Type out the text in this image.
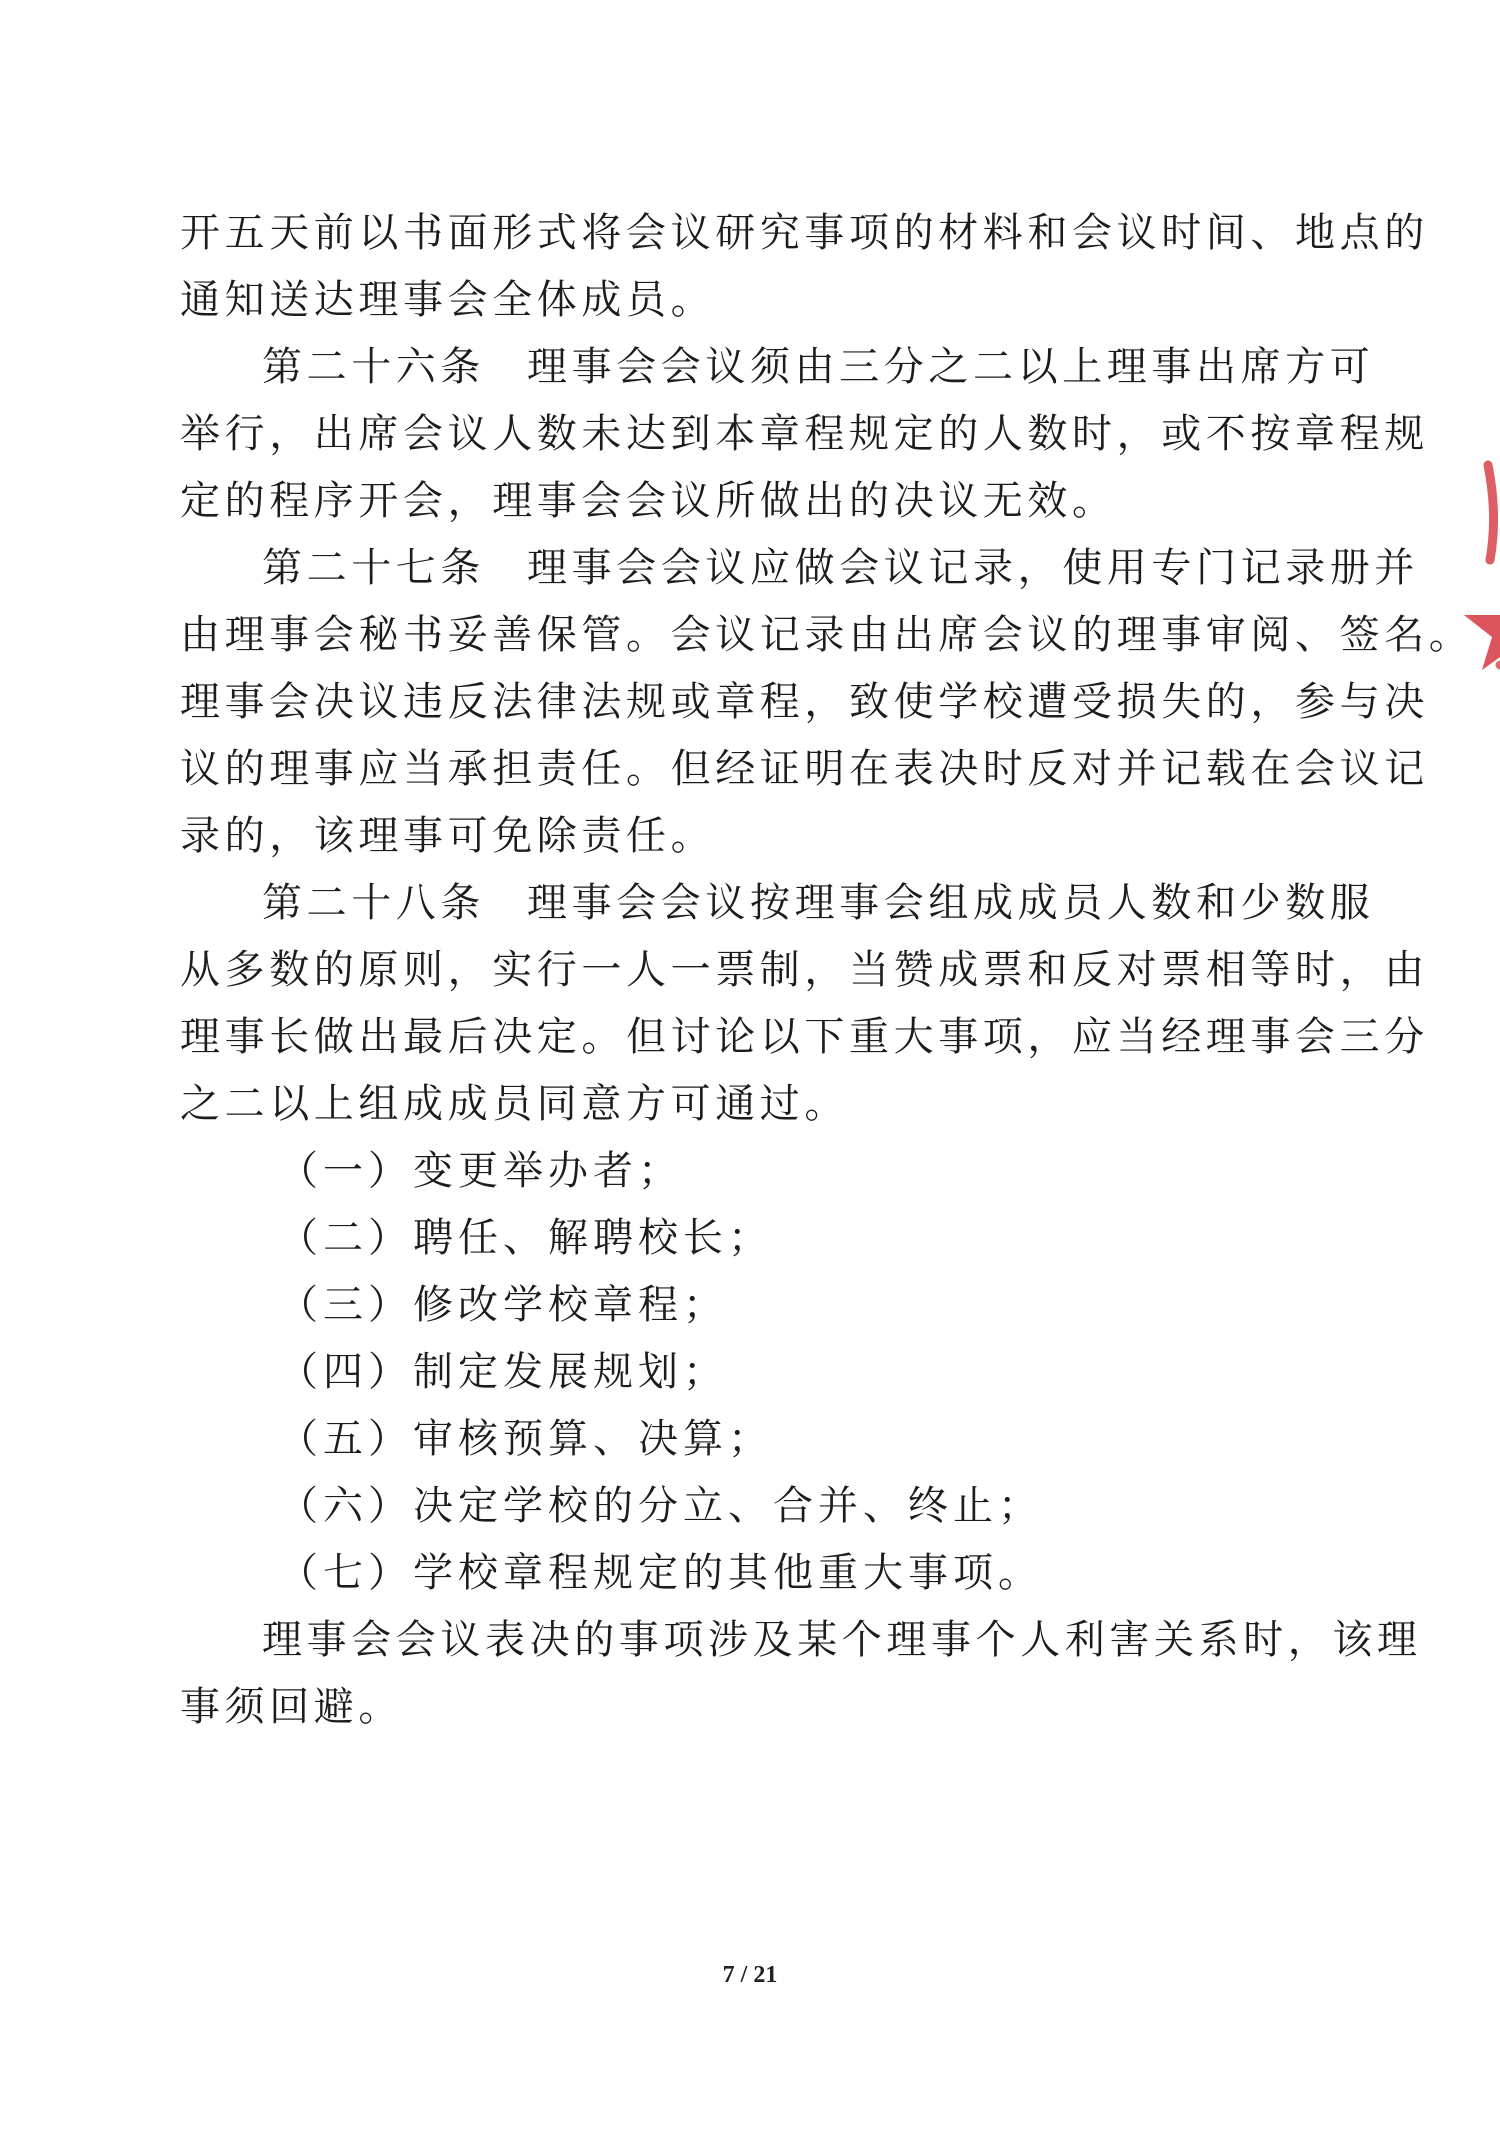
开五天前以书面形式将会议研究事项的材料和会议时间、地点的
通知送达理事会全体成员。
第二十六条 理事会会议须由三分之二以上理事出席方可
举行，出席会议人数未达到本章程规定的人数时，或不按章程规
定的程序开会，理事会会议所做出的决议无效。
第二十七条 理事会会议应做会议记录，使用专门记录册并
由理事会秘书妥善保管。会议记录由出席会议的理事审阅、签名。
理事会决议违反法律法规或章程，致使学校遭受损失的，参与决
议的理事应当承担责任。但经证明在表决时反对并记载在会议记
录的，该理事可免除责任。
第二十八条 理事会会议按理事会组成成员人数和少数服
从多数的原则，实行一人一票制，当赞成票和反对票相等时，由
理事长做出最后决定。但讨论以下重大事项，应当经理事会三分
之二以上组成成员同意方可通过。
（一）变更举办者；
（二）聘任、解聘校长；
（三）修改学校章程；
（四）制定发展规划；
（五）审核预算、决算；
（六）决定学校的分立、合并、终止；
（七）学校章程规定的其他重大事项。
理事会会议表决的事项涉及某个理事个人利害关系时，该理
事须回避。
7 / 21
